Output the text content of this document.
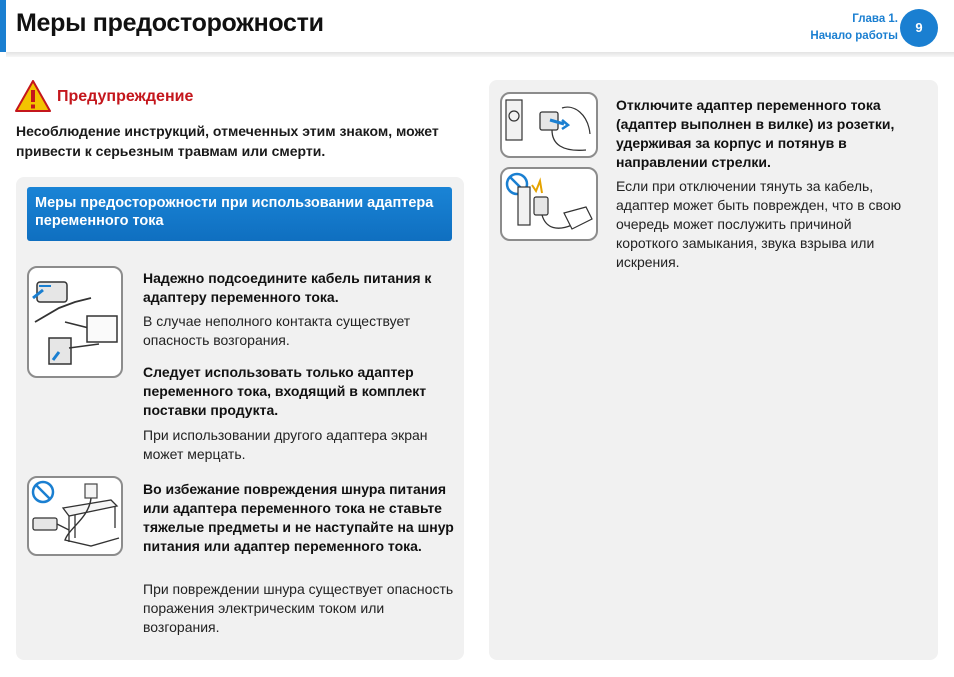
Меры предосторожности	Глава 1.
Начало работы
9
Предупреждение
Несоблюдение инструкций, отмеченных этим знаком, может привести к серьезным травмам или смерти.
Меры предосторожности при использовании адаптера переменного тока
Надежно подсоедините кабель питания к адаптеру переменного тока.
В случае неполного контакта существует опасность возгорания.
Следует использовать только адаптер переменного тока, входящий в комплект поставки продукта.
При использовании другого адаптера экран может мерцать.
Во избежание повреждения шнура питания или адаптера переменного тока не ставьте тяжелые предметы и не наступайте на шнур питания или адаптер переменного тока.
При повреждении шнура существует опасность поражения электрическим током или возгорания.
Отключите адаптер переменного тока (адаптер выполнен в вилке) из розетки, удерживая за корпус и потянув в направлении стрелки.
Если при отключении тянуть за кабель, адаптер может быть поврежден, что в свою очередь может послужить причиной короткого замыкания, звука взрыва или искрения.
